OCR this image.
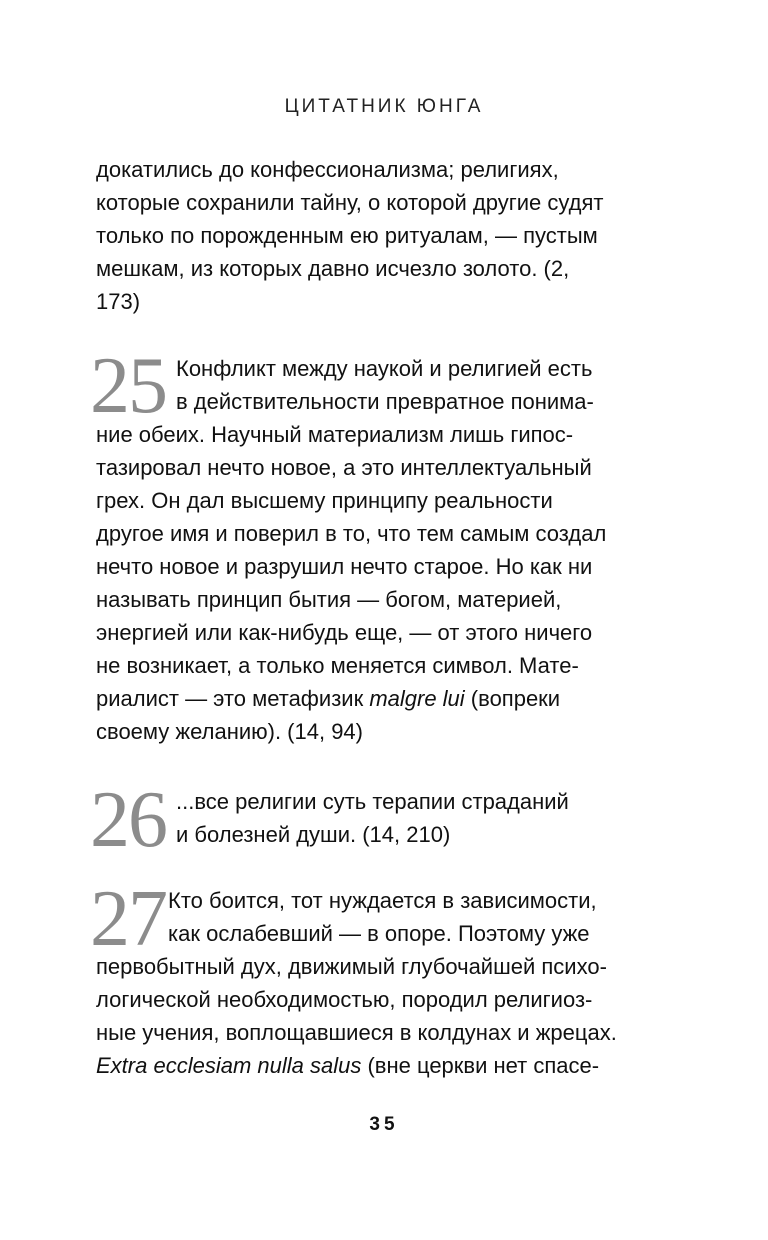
ЦИТАТНИК ЮНГА

докатились до конфессионализма; религиях,
которые сохранили тайну, о которой другие судят
только по порожденным ею ритуалам, — пустым
мешкам, из которых давно исчезло золото. (2,
173)

25 Конфликт между наукой и религией есть
в действительности превратное понима-
ние обеих. Научный материализм лишь гипос-
тазировал нечто новое, а это интеллектуальный
грех. Он дал высшему принципу реальности
другое имя и поверил в то, что тем самым создал
нечто новое и разрушил нечто старое. Но как ни
называть принцип бытия — богом, материей,
энергией или как-нибудь еще, — от этого ничего
не возникает, а только меняется символ. Мате-
риалист — это метафизик malgre lui (вопреки
своему желанию). (14, 94)

26 ...все религии суть терапии страданий
и болезней души. (14, 210)

27 Кто боится, тот нуждается в зависимости,
как ослабевший — в опоре. Поэтому уже
первобытный дух, движимый глубочайшей психо-
логической необходимостью, породил религиоз-
ные учения, воплощавшиеся в колдунах и жрецах.
Extra ecclesiam nulla salus (вне церкви нет спасе-

35
